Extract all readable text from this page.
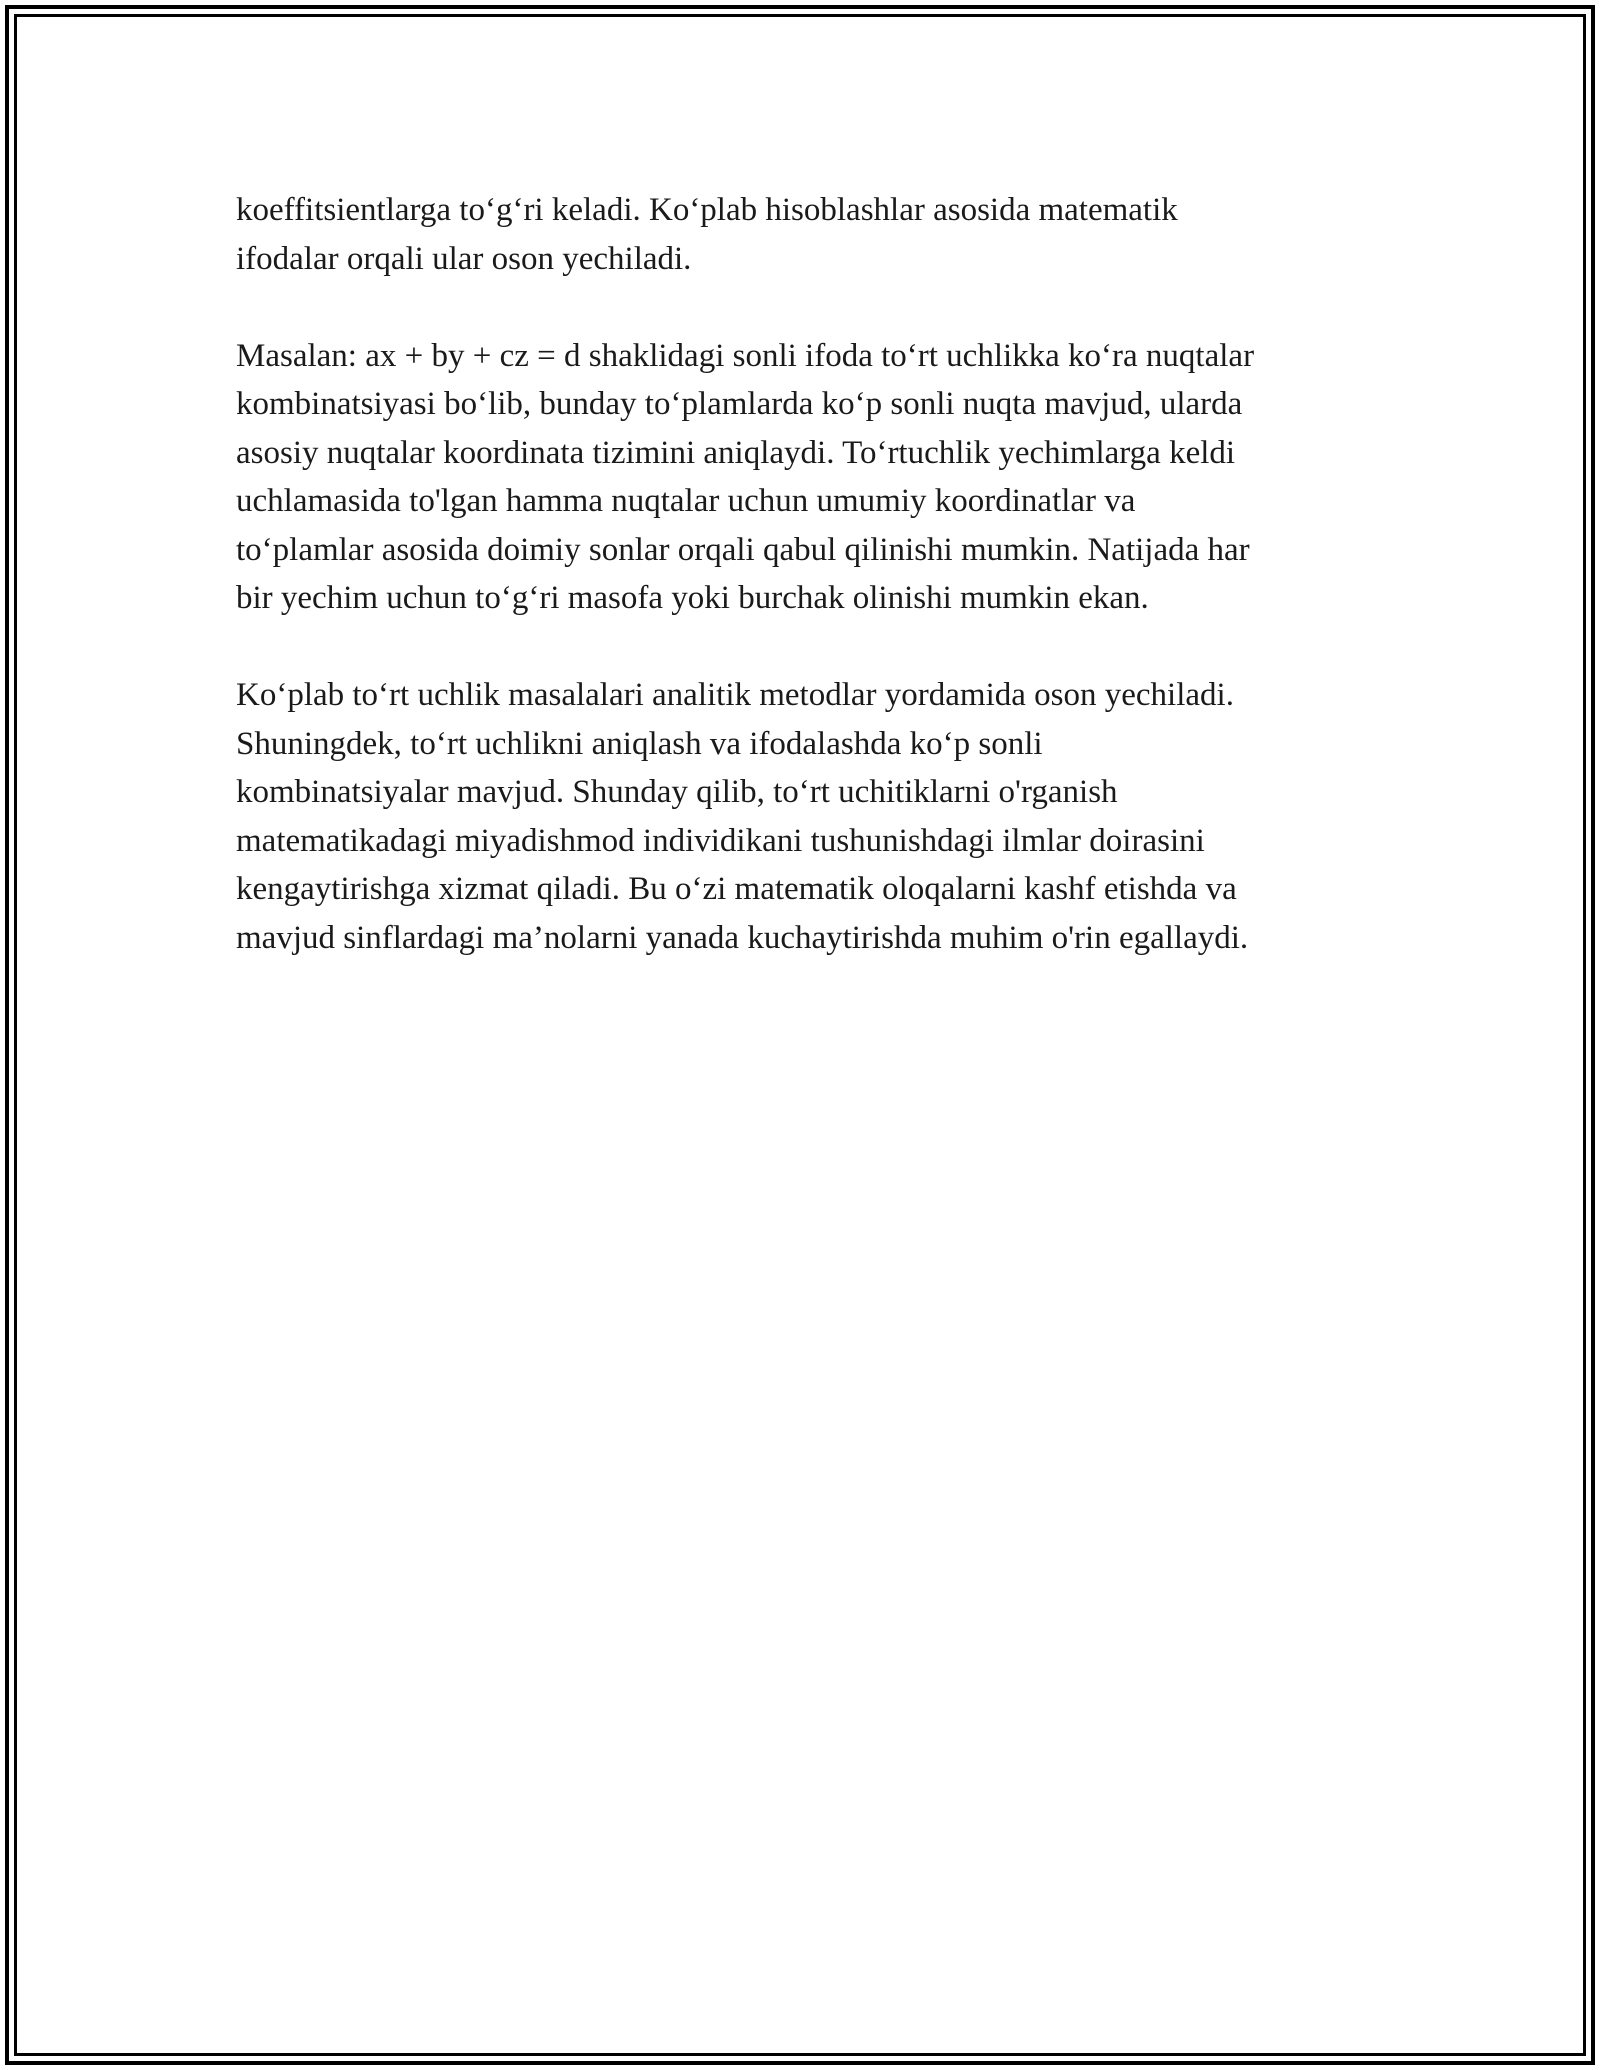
koeffitsientlarga to‘g‘ri keladi. Ko‘plab hisoblashlar asosida matematik
ifodalar orqali ular oson yechiladi.

Masalan: ax + by + cz = d shaklidagi sonli ifoda to‘rt uchlikka ko‘ra nuqtalar
kombinatsiyasi bo‘lib, bunday to‘plamlarda ko‘p sonli nuqta mavjud, ularda
asosiy nuqtalar koordinata tizimini aniqlaydi. To‘rtuchlik yechimlarga keldi
uchlamasida to'lgan hamma nuqtalar uchun umumiy koordinatlar va
to‘plamlar asosida doimiy sonlar orqali qabul qilinishi mumkin. Natijada har
bir yechim uchun to‘g‘ri masofa yoki burchak olinishi mumkin ekan.

Ko‘plab to‘rt uchlik masalalari analitik metodlar yordamida oson yechiladi.
Shuningdek, to‘rt uchlikni aniqlash va ifodalashda ko‘p sonli
kombinatsiyalar mavjud. Shunday qilib, to‘rt uchitiklarni o'rganish
matematikadagi miyadishmod individikani tushunishdagi ilmlar doirasini
kengaytirishga xizmat qiladi. Bu o‘zi matematik oloqalarni kashf etishda va
mavjud sinflardagi ma’nolarni yanada kuchaytirishda muhim o'rin egallaydi.
